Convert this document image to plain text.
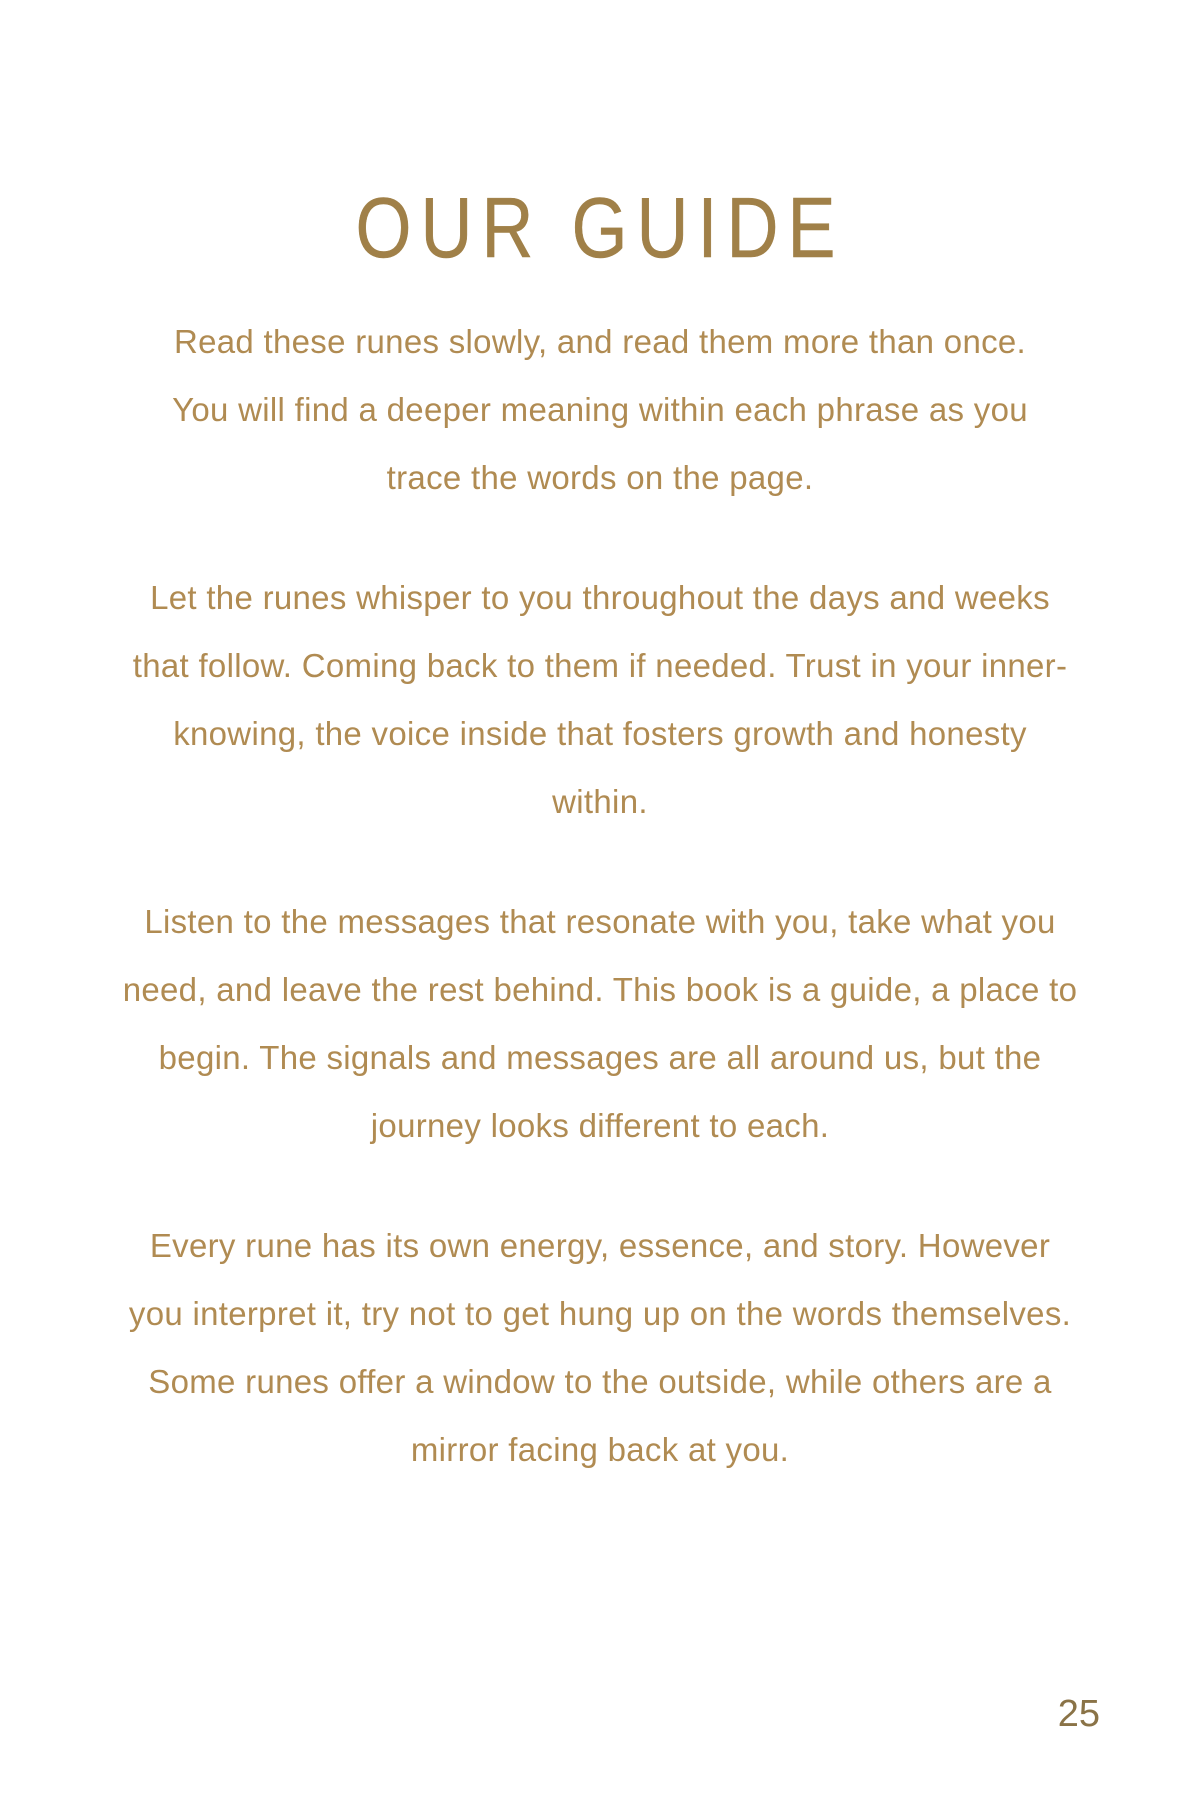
OUR GUIDE

Read these runes slowly, and read them more than once. You will find a deeper meaning within each phrase as you trace the words on the page.

Let the runes whisper to you throughout the days and weeks that follow. Coming back to them if needed. Trust in your inner-knowing, the voice inside that fosters growth and honesty within.

Listen to the messages that resonate with you, take what you need, and leave the rest behind. This book is a guide, a place to begin. The signals and messages are all around us, but the journey looks different to each.

Every rune has its own energy, essence, and story. However you interpret it, try not to get hung up on the words themselves. Some runes offer a window to the outside, while others are a mirror facing back at you.

25
